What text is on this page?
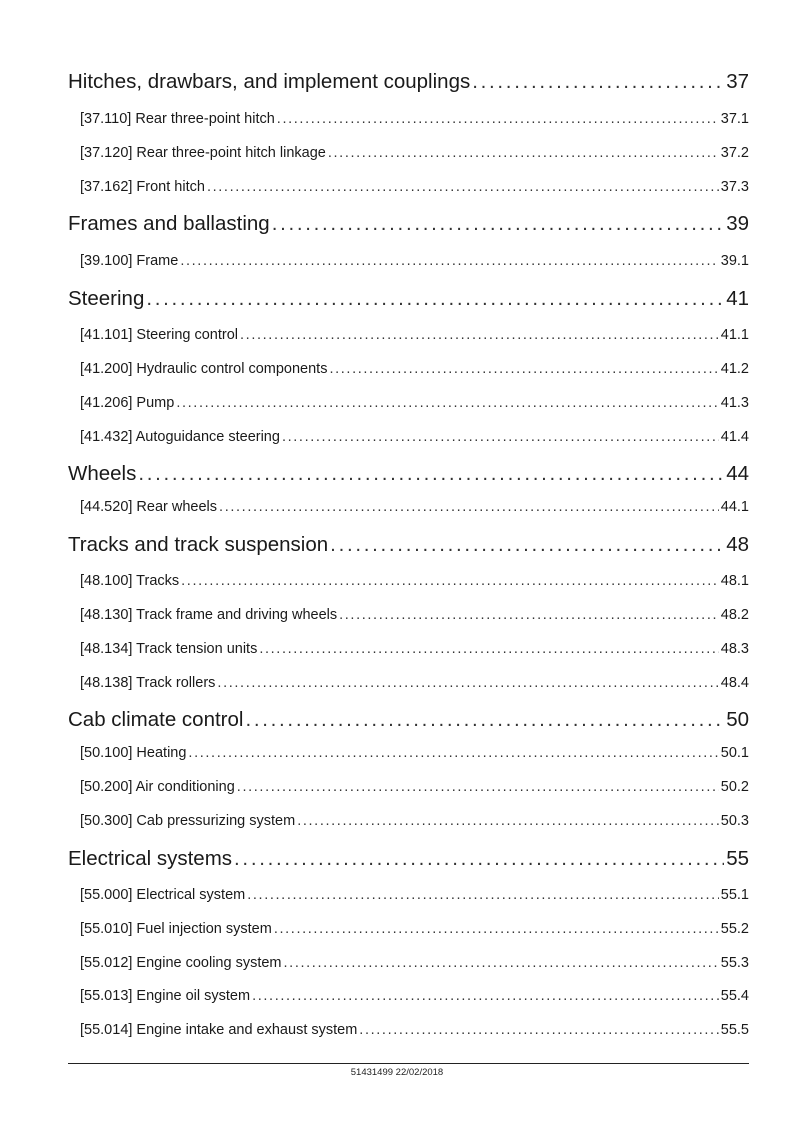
Hitches, drawbars, and implement couplings . . .	37
[37.110] Rear three-point hitch . . .	37.1
[37.120] Rear three-point hitch linkage . . .	37.2
[37.162] Front hitch . . .	37.3
Frames and ballasting . . .	39
[39.100] Frame . . .	39.1
Steering . . .	41
[41.101] Steering control . . .	41.1
[41.200] Hydraulic control components . . .	41.2
[41.206] Pump . . .	41.3
[41.432] Autoguidance steering . . .	41.4
Wheels . . .	44
[44.520] Rear wheels . . .	44.1
Tracks and track suspension . . .	48
[48.100] Tracks . . .	48.1
[48.130] Track frame and driving wheels . . .	48.2
[48.134] Track tension units . . .	48.3
[48.138] Track rollers . . .	48.4
Cab climate control . . .	50
[50.100] Heating . . .	50.1
[50.200] Air conditioning . . .	50.2
[50.300] Cab pressurizing system . . .	50.3
Electrical systems . . .	55
[55.000] Electrical system . . .	55.1
[55.010] Fuel injection system . . .	55.2
[55.012] Engine cooling system . . .	55.3
[55.013] Engine oil system . . .	55.4
[55.014] Engine intake and exhaust system . . .	55.5
51431499 22/02/2018
